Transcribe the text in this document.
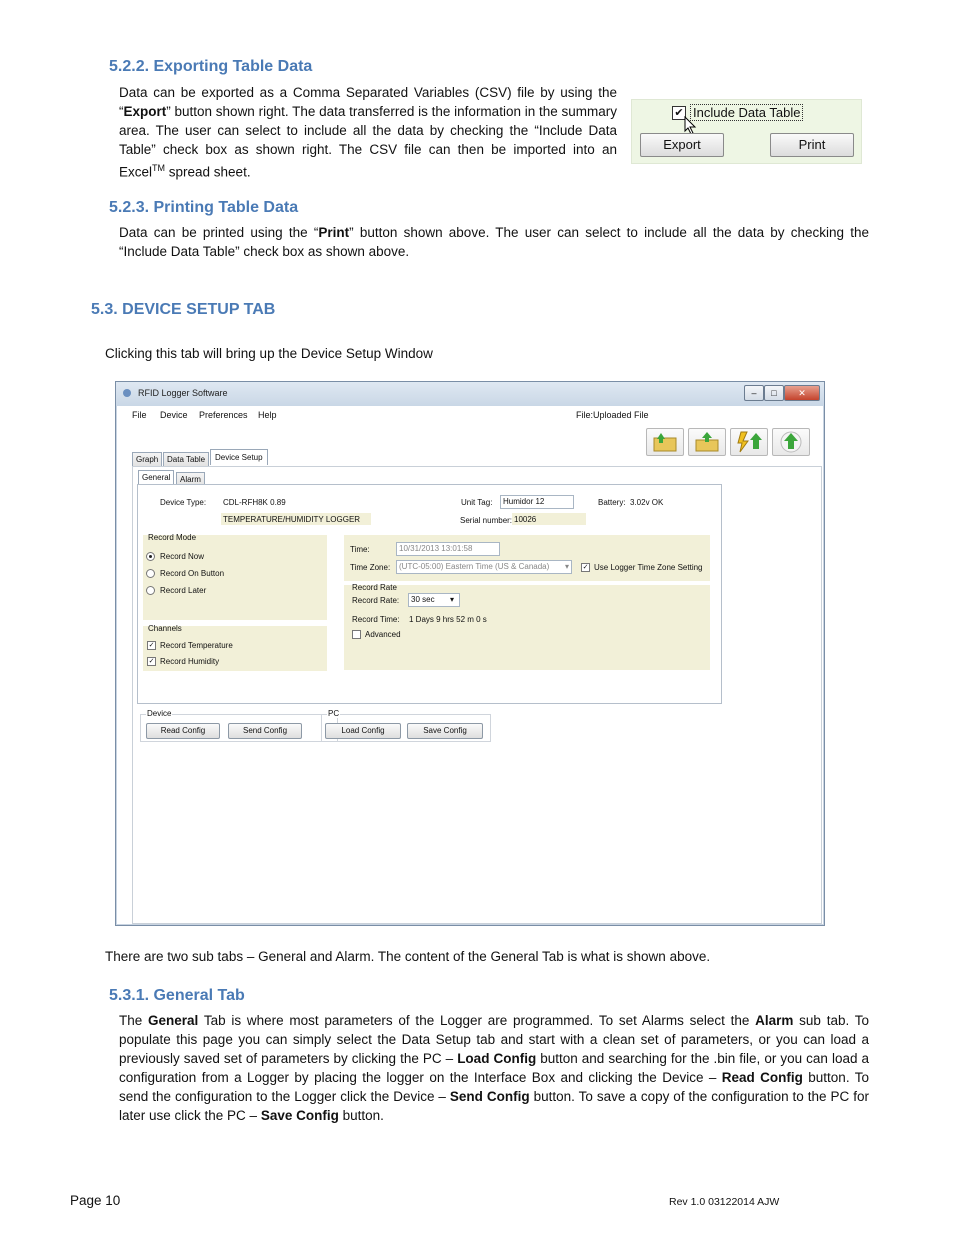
5.2.2. Exporting Table Data
Data can be exported as a Comma Separated Variables (CSV) file by using the “Export” button shown right. The data transferred is the information in the summary area. The user can select to include all the data by checking the “Include Data Table” check box as shown right. The CSV file can then be imported into an Excel™ spread sheet.
✔ Include Data Table
Export	Print
5.2.3. Printing Table Data
Data can be printed using the “Print” button shown above. The user can select to include all the data by checking the “Include Data Table” check box as shown above.
5.3. DEVICE SETUP TAB
Clicking this tab will bring up the Device Setup Window
RFID Logger Software	–	□	✕
File Device Preferences Help	File:Uploaded File
Graph	Data Table	Device Setup
General	Alarm
Device Type: CDL-RFH8K 0.89
TEMPERATURE/HUMIDITY LOGGER
Unit Tag:	Humidor 12
Serial number: 10026
Battery: 3.02v OK
Record Mode
Record Now
Record On Button
Record Later
Channels
✓ Record Temperature
✓ Record Humidity
Time:	10/31/2013 13:01:58
Time Zone:	(UTC-05:00) Eastern Time (US & Canada)	▾ ✓ Use Logger Time Zone Setting
Record Rate
Record Rate:	30 sec	▾
Record Time: 1 Days 9 hrs 52 m 0 s
Advanced
Device
Read Config	Send Config
PC
Load Config	Save Config
There are two sub tabs – General and Alarm. The content of the General Tab is what is shown above.
5.3.1. General Tab
The General Tab is where most parameters of the Logger are programmed. To set Alarms select the Alarm sub tab. To populate this page you can simply select the Data Setup tab and start with a clean set of parameters, or you can load a previously saved set of parameters by clicking the PC – Load Config button and searching for the .bin file, or you can load a configuration from a Logger by placing the logger on the Interface Box and clicking the Device – Read Config button. To send the configuration to the Logger click the Device – Send Config button. To save a copy of the configuration to the PC for later use click the PC – Save Config button.
Page 10	Rev 1.0 03122014 AJW
